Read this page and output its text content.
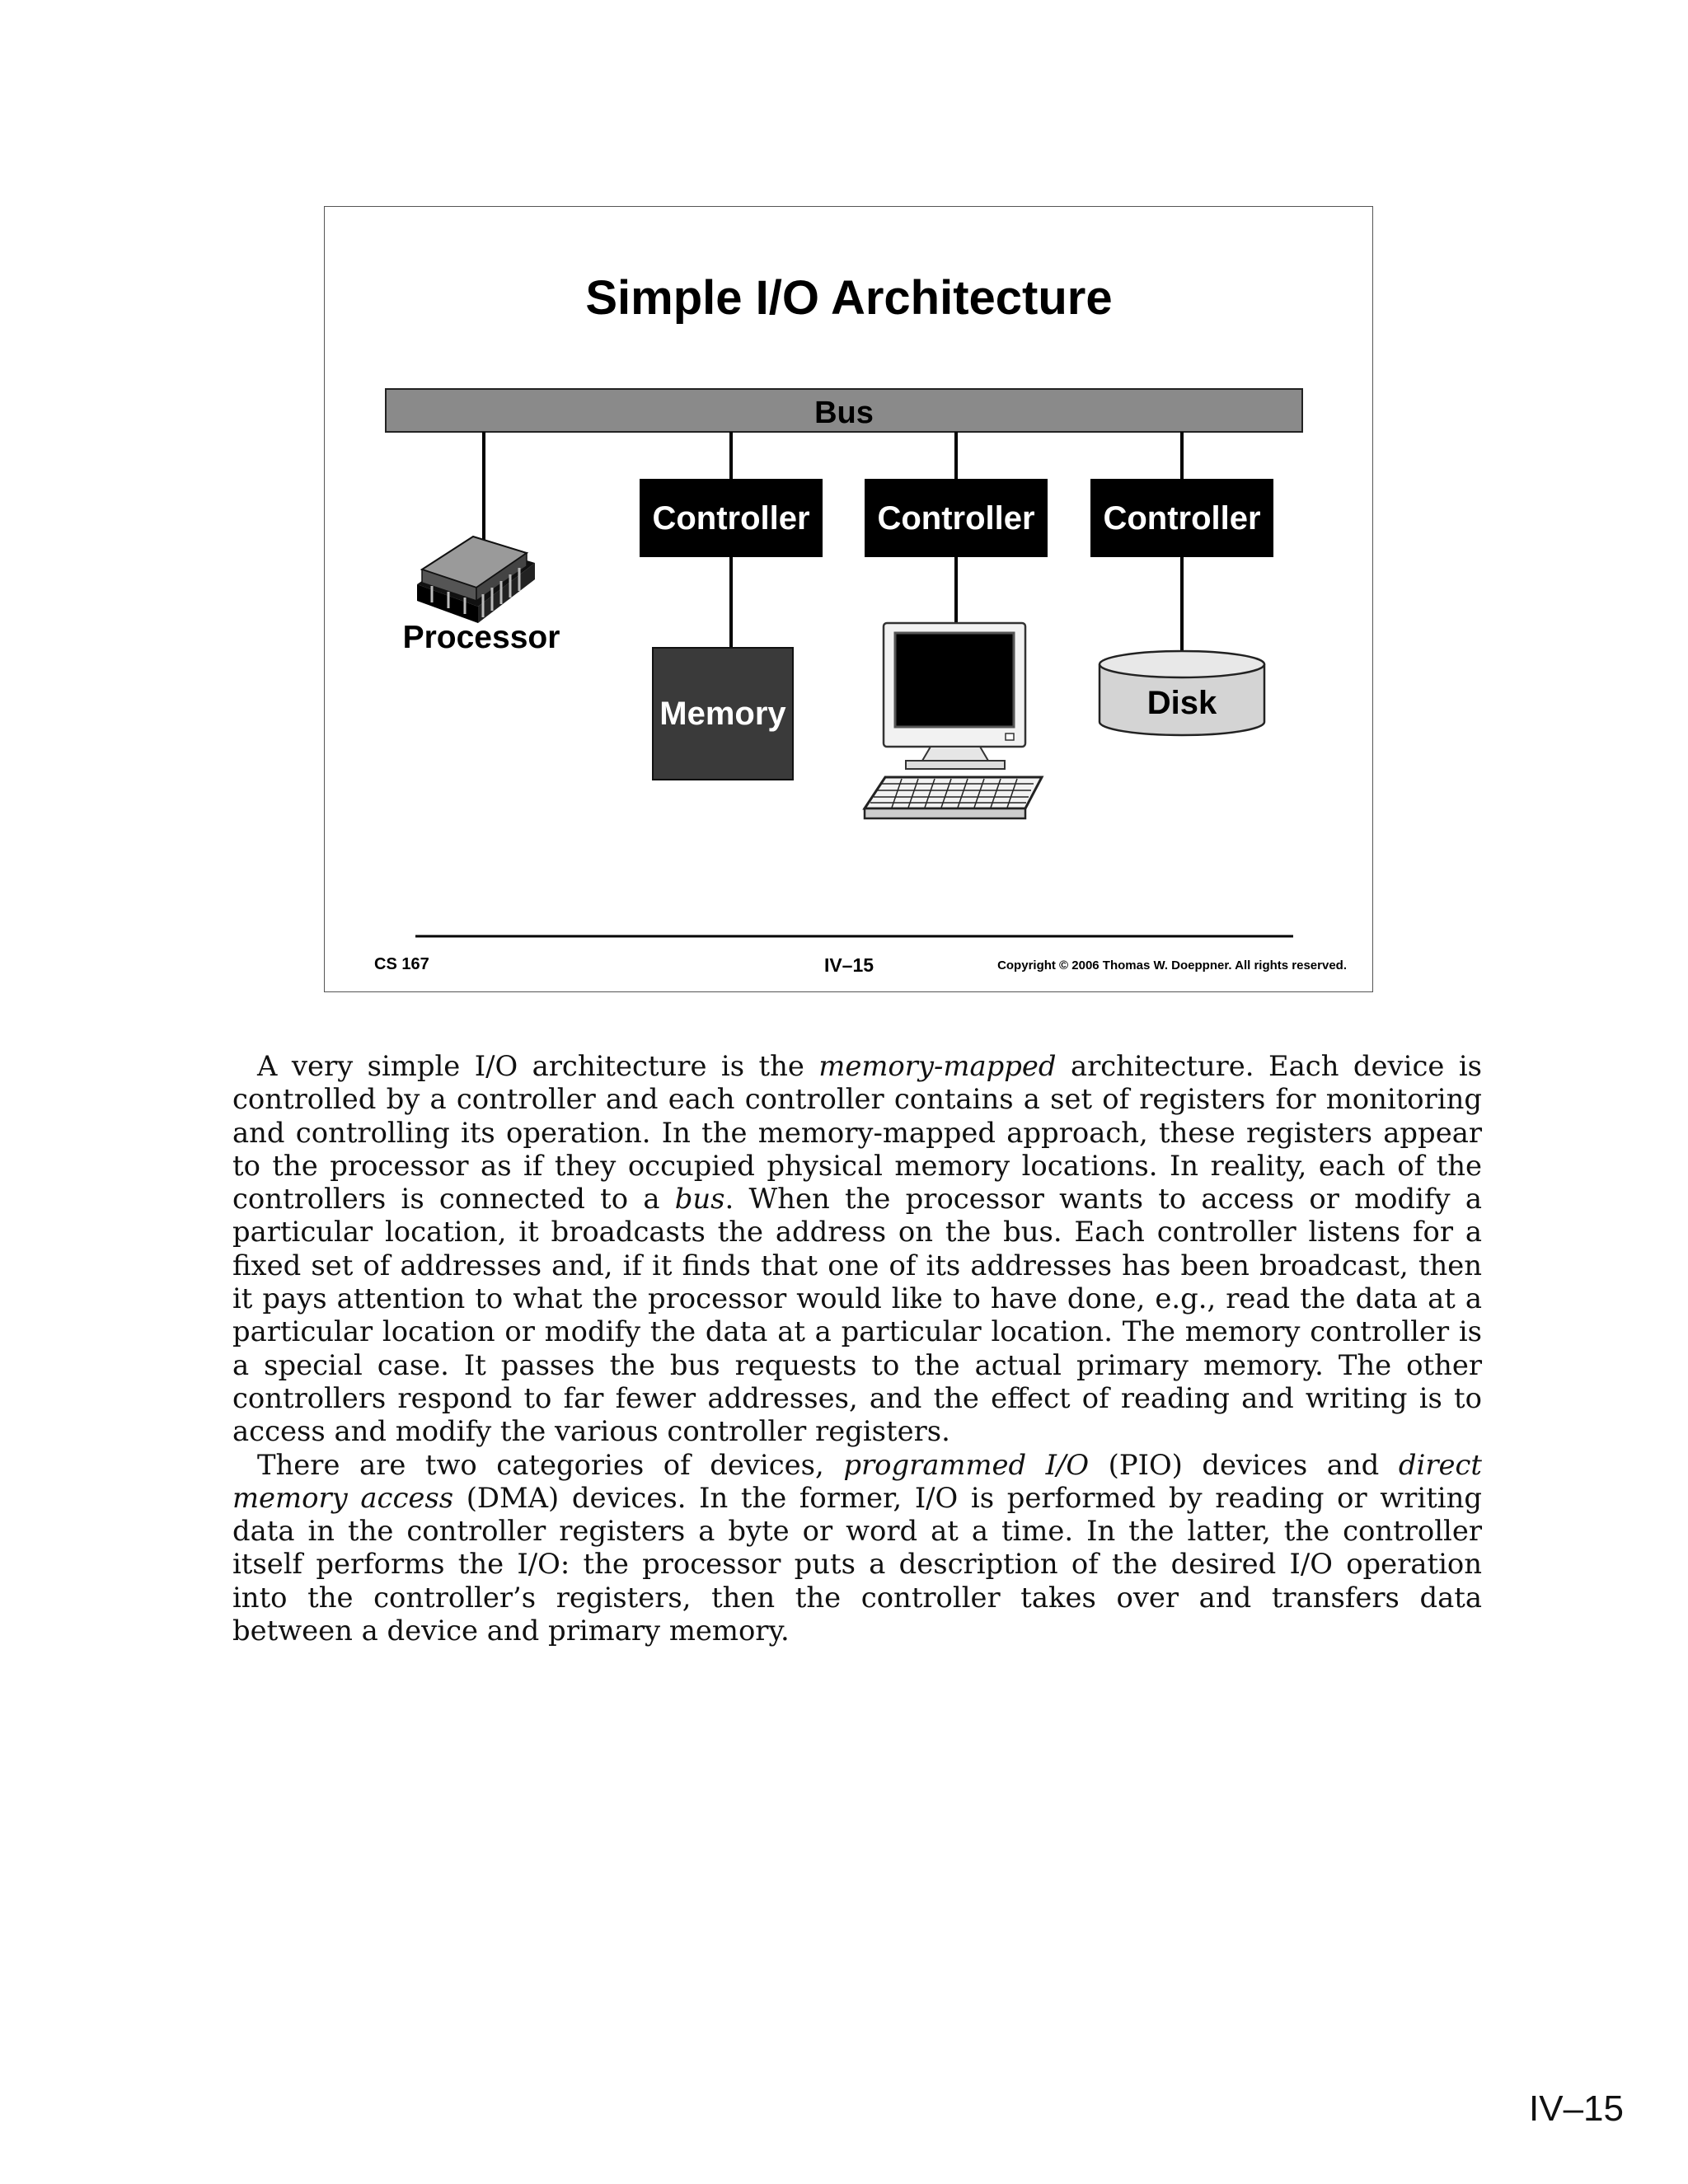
Simple I/O Architecture
Bus
Controller Controller Controller
Processor
Memory	Disk
CS 167	IV–15	Copyright © 2006 Thomas W. Doeppner. All rights reserved.

A very simple I/O architecture is the memory-mapped architecture. Each device is controlled by a controller and each controller contains a set of registers for monitoring and controlling its operation. In the memory-mapped approach, these registers appear to the processor as if they occupied physical memory locations. In reality, each of the controllers is connected to a bus. When the processor wants to access or modify a particular location, it broadcasts the address on the bus. Each controller listens for a fixed set of addresses and, if it finds that one of its addresses has been broadcast, then it pays attention to what the processor would like to have done, e.g., read the data at a particular location or modify the data at a particular location. The memory controller is a special case. It passes the bus requests to the actual primary memory. The other controllers respond to far fewer addresses, and the effect of reading and writing is to access and modify the various controller registers.

There are two categories of devices, programmed I/O (PIO) devices and direct memory access (DMA) devices. In the former, I/O is performed by reading or writing data in the controller registers a byte or word at a time. In the latter, the controller itself performs the I/O: the processor puts a description of the desired I/O operation into the controller’s registers, then the controller takes over and transfers data between a device and primary memory.

IV–15
